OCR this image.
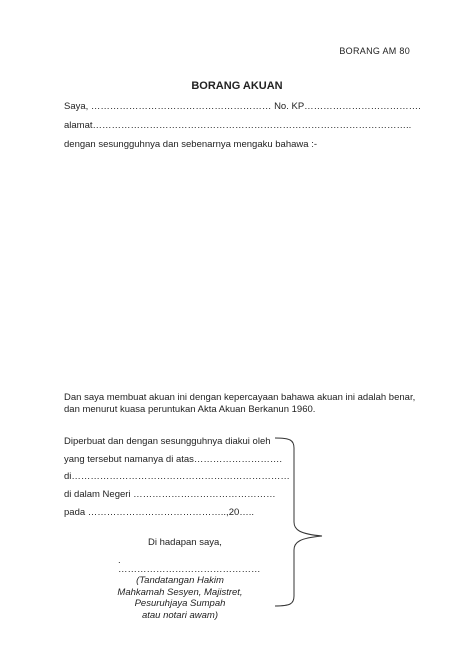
BORANG AM 80
BORANG AKUAN
Saya, ………………………………………………… No. KP……………………………….
alamat………………………………………………………………………………………..
dengan sesungguhnya dan sebenarnya mengaku bahawa :-
Dan saya membuat akuan ini dengan kepercayaan bahawa akuan ini adalah benar,
dan menurut kuasa peruntukan Akta Akuan Berkanun 1960.
Diperbuat dan dengan sesungguhnya diakui oleh
yang tersebut namanya di atas……………………….
di……………………………………………………………
di dalam Negeri ………………………………………
pada ……………………………………..,20…..
Di hadapan saya,
.
………………………………………
(Tandatangan Hakim
Mahkamah Sesyen, Majistret,
Pesuruhjaya Sumpah
atau notari awam)
